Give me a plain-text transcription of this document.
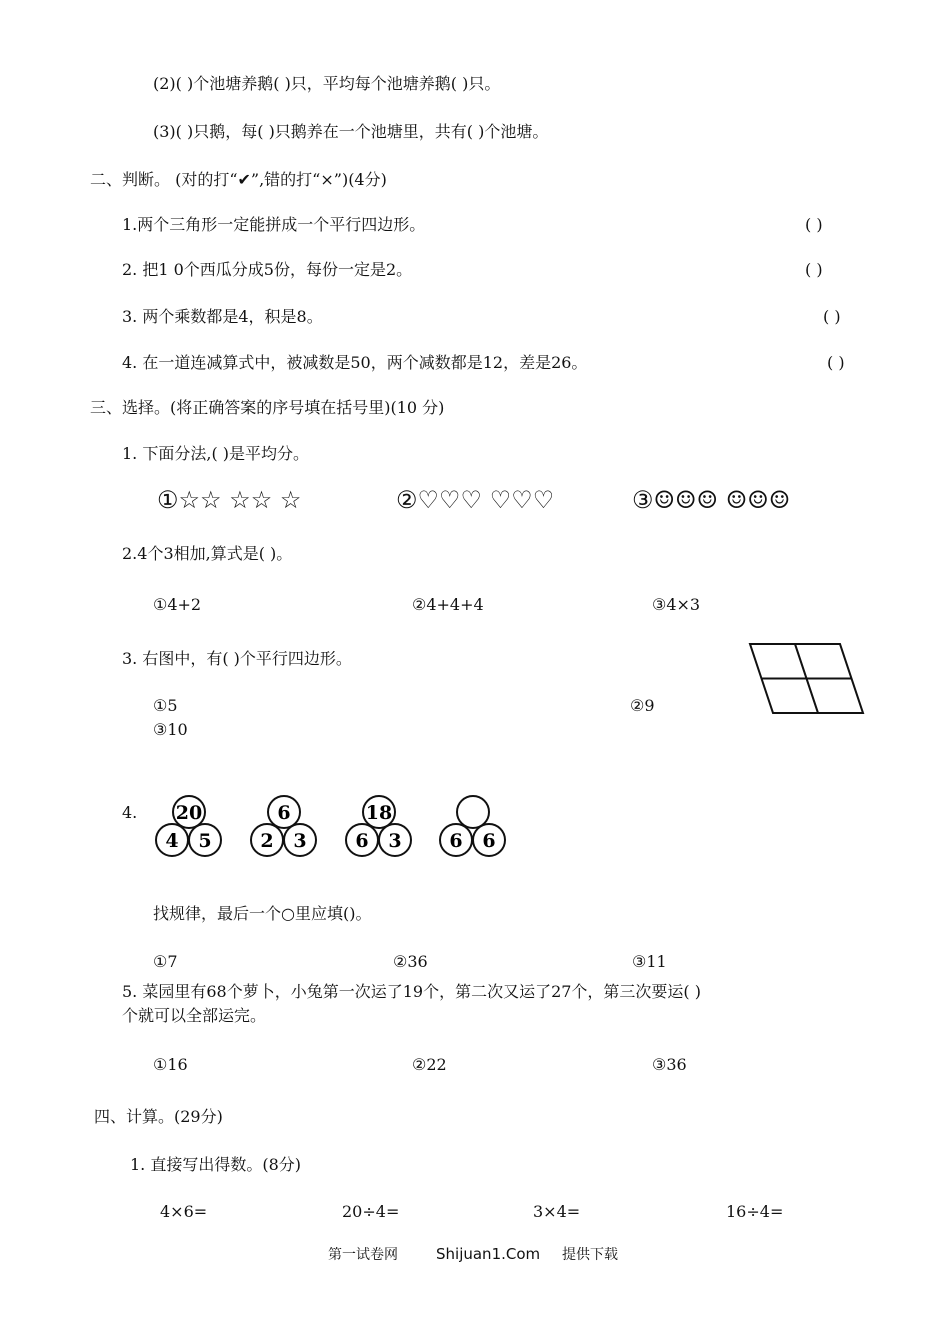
(2)( )个池塘养鹅( )只，平均每个池塘养鹅( )只。
(3)( )只鹅，每( )只鹅养在一个池塘里，共有( )个池塘。
二、判断。 (对的打“✔”,错的打“×”)(4分)
1.两个三角形一定能拼成一个平行四边形。	( )
2. 把1 0个西瓜分成5份，每份一定是2。	( )
3. 两个乘数都是4，积是8。	( )
4. 在一道连减算式中，被减数是50，两个减数都是12，差是26。	( )
三、选择。(将正确答案的序号填在括号里)(10 分)
1. 下面分法,( )是平均分。
①☆☆ ☆☆ ☆	②♡♡♡ ♡♡♡	③☺☺☺ ☺☺☺
2.4个3相加,算式是( )。
①4+2	②4+4+4	③4×3
3. 右图中，有( )个平行四边形。
①5	②9
③10
4. 20
4 5
6
2 3
18
6 3	6 6
找规律，最后一个○里应填()。
①7	②36	③11
5. 菜园里有68个萝卜，小兔第一次运了19个，第二次又运了27个，第三次要运( )
个就可以全部运完。
①16	②22	③36
四、计算。(29分)
1. 直接写出得数。(8分)
4×6=	20÷4=	3×4=	16÷4=
第一试卷网	Shijuan1.Com 提供下载
